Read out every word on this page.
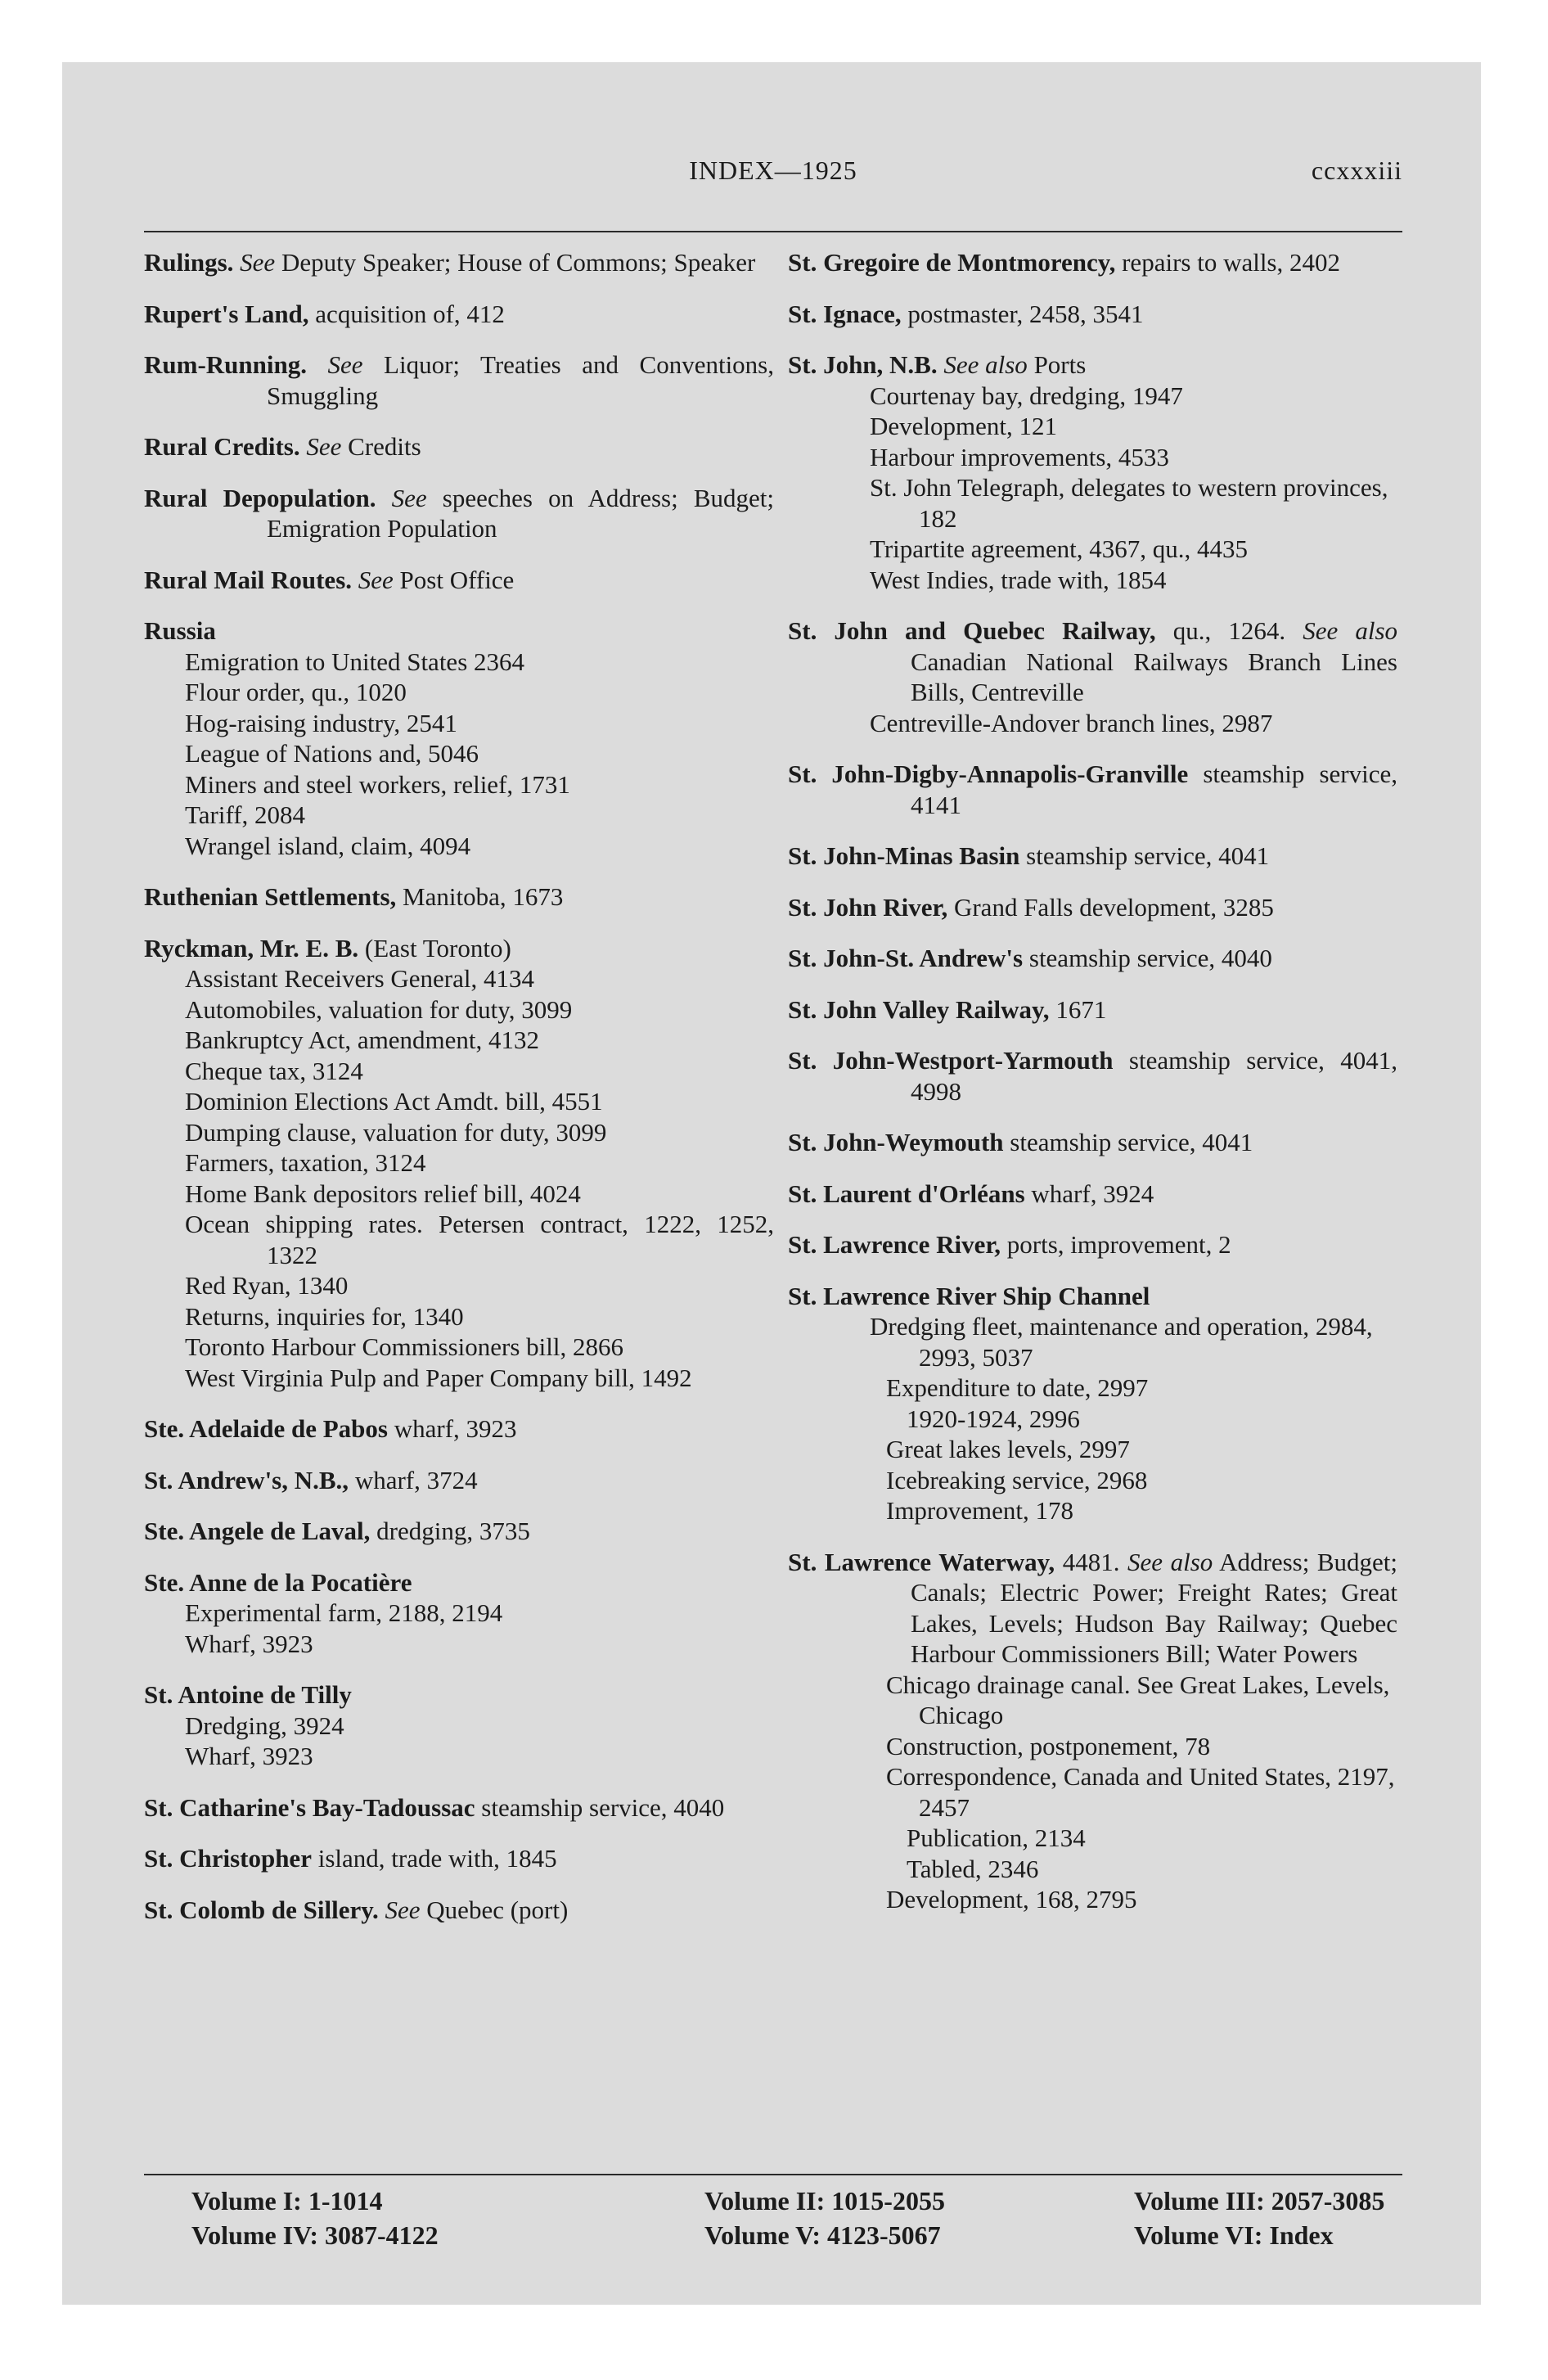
INDEX—1925	ccxxxiii
Rulings. See Deputy Speaker; House of Commons; Speaker
Rupert's Land, acquisition of, 412
Rum-Running. See Liquor; Treaties and Conventions, Smuggling
Rural Credits. See Credits
Rural Depopulation. See speeches on Address; Budget; Emigration Population
Rural Mail Routes. See Post Office
Russia
Emigration to United States 2364
Flour order, qu., 1020
Hog-raising industry, 2541
League of Nations and, 5046
Miners and steel workers, relief, 1731
Tariff, 2084
Wrangel island, claim, 4094
Ruthenian Settlements, Manitoba, 1673
Ryckman, Mr. E. B. (East Toronto)
Assistant Receivers General, 4134
Automobiles, valuation for duty, 3099
Bankruptcy Act, amendment, 4132
Cheque tax, 3124
Dominion Elections Act Amdt. bill, 4551
Dumping clause, valuation for duty, 3099
Farmers, taxation, 3124
Home Bank depositors relief bill, 4024
Ocean shipping rates. Petersen contract, 1222, 1252, 1322
Red Ryan, 1340
Returns, inquiries for, 1340
Toronto Harbour Commissioners bill, 2866
West Virginia Pulp and Paper Company bill, 1492
Ste. Adelaide de Pabos wharf, 3923
St. Andrew's, N.B., wharf, 3724
Ste. Angele de Laval, dredging, 3735
Ste. Anne de la Pocatière
Experimental farm, 2188, 2194
Wharf, 3923
St. Antoine de Tilly
Dredging, 3924
Wharf, 3923
St. Catharine's Bay-Tadoussac steamship service, 4040
St. Christopher island, trade with, 1845
St. Colomb de Sillery. See Quebec (port)
St. Gregoire de Montmorency, repairs to walls, 2402
St. Ignace, postmaster, 2458, 3541
St. John, N.B. See also Ports
Courtenay bay, dredging, 1947
Development, 121
Harbour improvements, 4533
St. John Telegraph, delegates to western provinces, 182
Tripartite agreement, 4367, qu., 4435
West Indies, trade with, 1854
St. John and Quebec Railway, qu., 1264. See also Canadian National Railways Branch Lines Bills, Centreville
Centreville-Andover branch lines, 2987
St. John-Digby-Annapolis-Granville steamship service, 4141
St. John-Minas Basin steamship service, 4041
St. John River, Grand Falls development, 3285
St. John-St. Andrew's steamship service, 4040
St. John Valley Railway, 1671
St. John-Westport-Yarmouth steamship service, 4041, 4998
St. John-Weymouth steamship service, 4041
St. Laurent d'Orléans wharf, 3924
St. Lawrence River, ports, improvement, 2
St. Lawrence River Ship Channel
Dredging fleet, maintenance and operation, 2984, 2993, 5037
Expenditure to date, 2997
1920-1924, 2996
Great lakes levels, 2997
Icebreaking service, 2968
Improvement, 178
St. Lawrence Waterway, 4481. See also Address; Budget; Canals; Electric Power; Freight Rates; Great Lakes, Levels; Hudson Bay Railway; Quebec Harbour Commissioners Bill; Water Powers
Chicago drainage canal. See Great Lakes, Levels, Chicago
Construction, postponement, 78
Correspondence, Canada and United States, 2197, 2457
Publication, 2134
Tabled, 2346
Development, 168, 2795
Volume I: 1-1014
Volume IV: 3087-4122
Volume II: 1015-2055
Volume V: 4123-5067
Volume III: 2057-3085
Volume VI: Index
